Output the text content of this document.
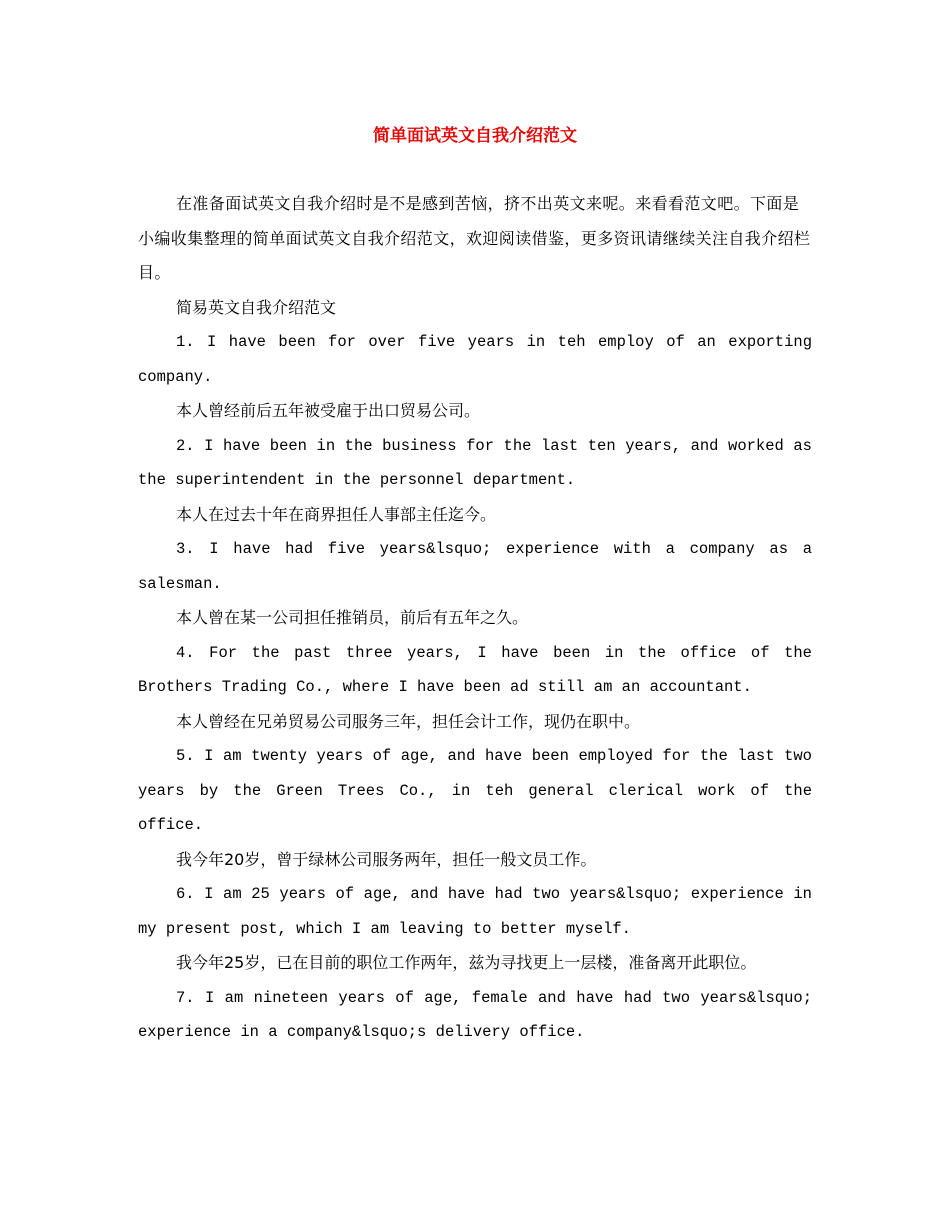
简单面试英文自我介绍范文

在准备面试英文自我介绍时是不是感到苦恼，挤不出英文来呢。来看看范文吧。下面是小编收集整理的简单面试英文自我介绍范文，欢迎阅读借鉴，更多资讯请继续关注自我介绍栏目。

简易英文自我介绍范文

1. I have been for over five years in teh employ of an exporting company.

本人曾经前后五年被受雇于出口贸易公司。

2. I have been in the business for the last ten years, and worked as the superintendent in the personnel department.

本人在过去十年在商界担任人事部主任迄今。

3. I have had five years&lsquo; experience with a company as a salesman.

本人曾在某一公司担任推销员，前后有五年之久。

4. For the past three years, I have been in the office of the Brothers Trading Co., where I have been ad still am an accountant.

本人曾经在兄弟贸易公司服务三年，担任会计工作，现仍在职中。

5. I am twenty years of age, and have been employed for the last two years by the Green Trees Co., in teh general clerical work of the office.

我今年20岁，曾于绿林公司服务两年，担任一般文员工作。

6. I am 25 years of age, and have had two years&lsquo; experience in my present post, which I am leaving to better myself.

我今年25岁，已在目前的职位工作两年，兹为寻找更上一层楼，准备离开此职位。

7. I am nineteen years of age, female and have had two years&lsquo; experience in a company&lsquo;s delivery office.
